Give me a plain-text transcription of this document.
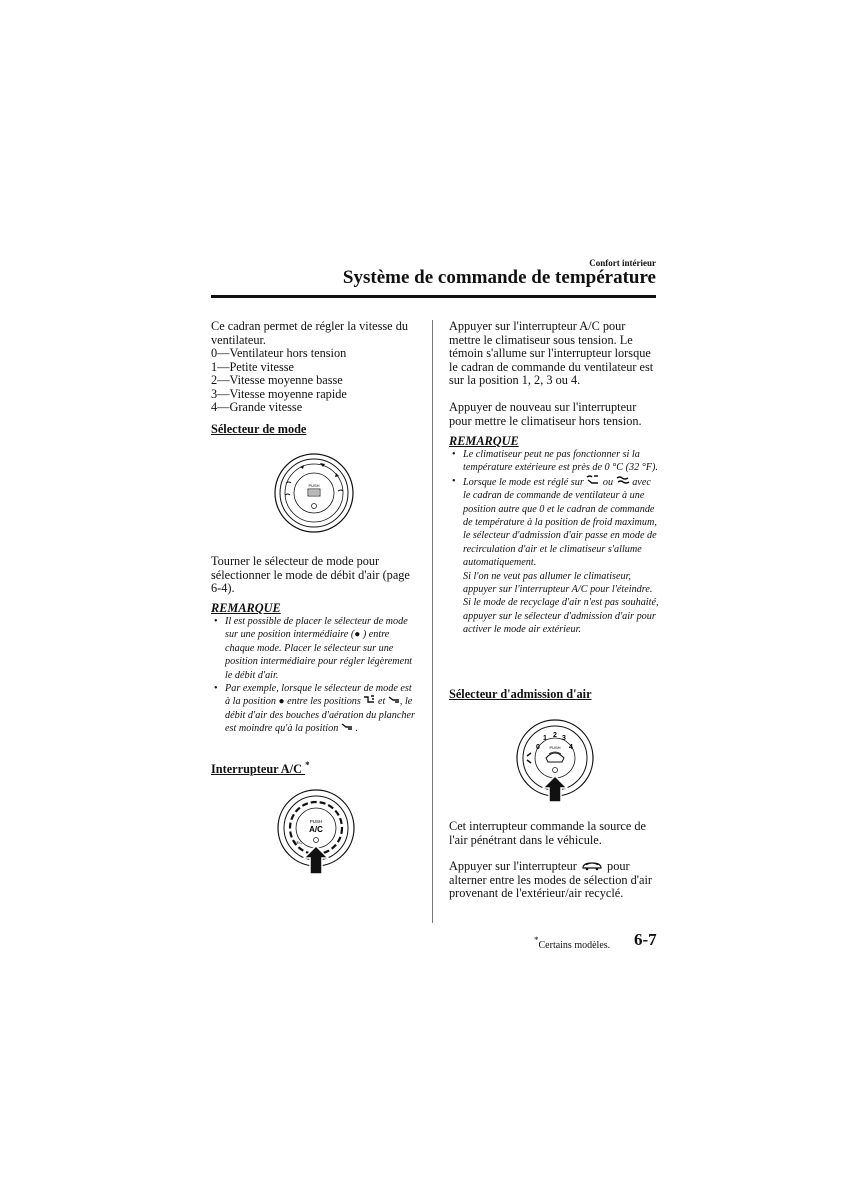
Confort intérieur
Système de commande de température

Ce cadran permet de régler la vitesse du ventilateur.

0—Ventilateur hors tension

1—Petite vitesse

2—Vitesse moyenne basse

3—Vitesse moyenne rapide

4—Grande vitesse

Sélecteur de mode
PUSH
Tourner le sélecteur de mode pour sélectionner le mode de débit d'air (page 6-4).
REMARQUE
• Il est possible de placer le sélecteur de mode sur une position intermédiaire (● ) entre chaque mode. Placer le sélecteur sur une position intermédiaire pour régler légèrement le débit d'air.
• Par exemple, lorsque le sélecteur de mode est à la position ● entre les positions et , le débit d'air des bouches d'aération du plancher est moindre qu'à la position .
Interrupteur A/C *
PUSH
A/C
REC
Appuyer sur l'interrupteur A/C pour mettre le climatiseur sous tension. Le témoin s'allume sur l'interrupteur lorsque le cadran de commande du ventilateur est sur la position 1, 2, 3 ou 4.
Appuyer de nouveau sur l'interrupteur pour mettre le climatiseur hors tension.
REMARQUE
• Le climatiseur peut ne pas fonctionner si la température extérieure est près de 0 °C (32 °F).
• Lorsque le mode est réglé sur ou avec le cadran de commande de ventilateur à une position autre que 0 et le cadran de commande de température à la position de froid maximum, le sélecteur d'admission d'air passe en mode de recirculation d'air et le climatiseur s'allume automatiquement.

Si l'on ne veut pas allumer le climatiseur, appuyer sur l'interrupteur A/C pour l'éteindre.

Si le mode de recyclage d'air n'est pas souhaité, appuyer sur le sélecteur d'admission d'air pour activer le mode air extérieur.

Sélecteur d'admission d'air
0
1 2 3
4
PUSH
Cet interrupteur commande la source de l'air pénétrant dans le véhicule.
Appuyer sur l'interrupteur pour alterner entre les modes de sélection d'air provenant de l'extérieur/air recyclé.
*Certains modèles. 6-7
